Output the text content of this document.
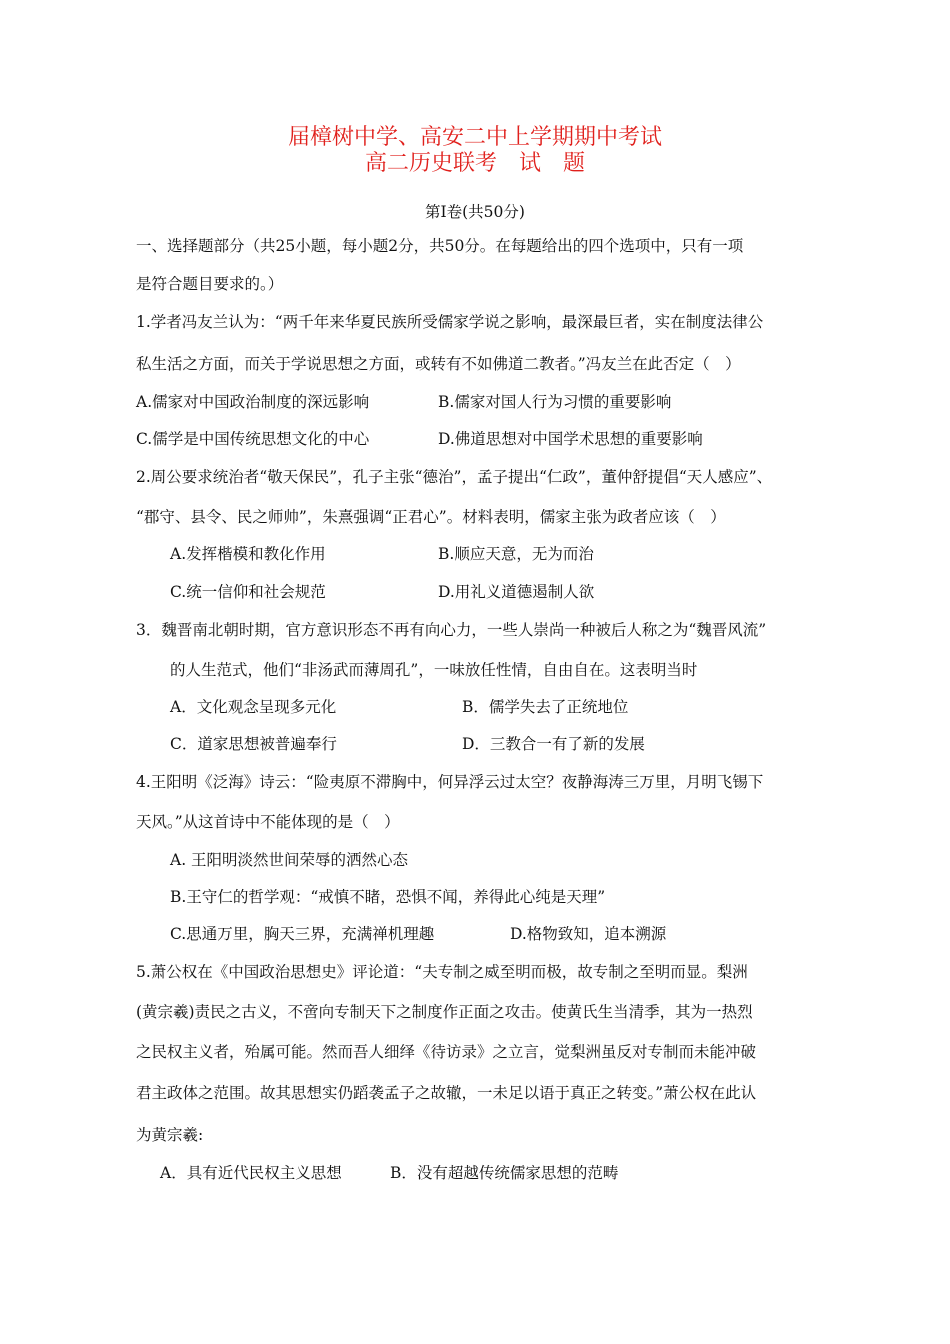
届樟树中学、高安二中上学期期中考试
高二历史联考　试　题
第Ⅰ卷(共50分)
一、选择题部分（共25小题，每小题2分，共50分。在每题给出的四个选项中，只有一项
是符合题目要求的。）
1.学者冯友兰认为：“两千年来华夏民族所受儒家学说之影响，最深最巨者，实在制度法律公
私生活之方面，而关于学说思想之方面，或转有不如佛道二教者。”冯友兰在此否定（　）
A.儒家对中国政治制度的深远影响	B.儒家对国人行为习惯的重要影响
C.儒学是中国传统思想文化的中心	D.佛道思想对中国学术思想的重要影响
2.周公要求统治者“敬天保民”，孔子主张“德治”，孟子提出“仁政”，董仲舒提倡“天人感应”、
“郡守、县令、民之师帅”，朱熹强调“正君心”。材料表明，儒家主张为政者应该（　）
A.发挥楷模和教化作用	B.顺应天意，无为而治
C.统一信仰和社会规范	D.用礼义道德遏制人欲
3．魏晋南北朝时期，官方意识形态不再有向心力，一些人崇尚一种被后人称之为“魏晋风流”
的人生范式，他们“非汤武而薄周孔”，一味放任性情，自由自在。这表明当时
A．文化观念呈现多元化	B．儒学失去了正统地位
C．道家思想被普遍奉行	D．三教合一有了新的发展
4.王阳明《泛海》诗云：“险夷原不滞胸中，何异浮云过太空？夜静海涛三万里，月明飞锡下
天风。”从这首诗中不能体现的是（　）
A. 王阳明淡然世间荣辱的洒然心态
B.王守仁的哲学观：“戒慎不睹，恐惧不闻，养得此心纯是天理”
C.思通万里，胸天三界，充满禅机理趣	D.格物致知，追本溯源
5.萧公权在《中国政治思想史》评论道：“夫专制之威至明而极，故专制之至明而显。梨洲
(黄宗羲)责民之古义，不啻向专制天下之制度作正面之攻击。使黄氏生当清季，其为一热烈
之民权主义者，殆属可能。然而吾人细绎《待访录》之立言，觉梨洲虽反对专制而未能冲破
君主政体之范围。故其思想实仍蹈袭孟子之故辙，一未足以语于真正之转变。”萧公权在此认
为黄宗羲:
A．具有近代民权主义思想	B．没有超越传统儒家思想的范畴
